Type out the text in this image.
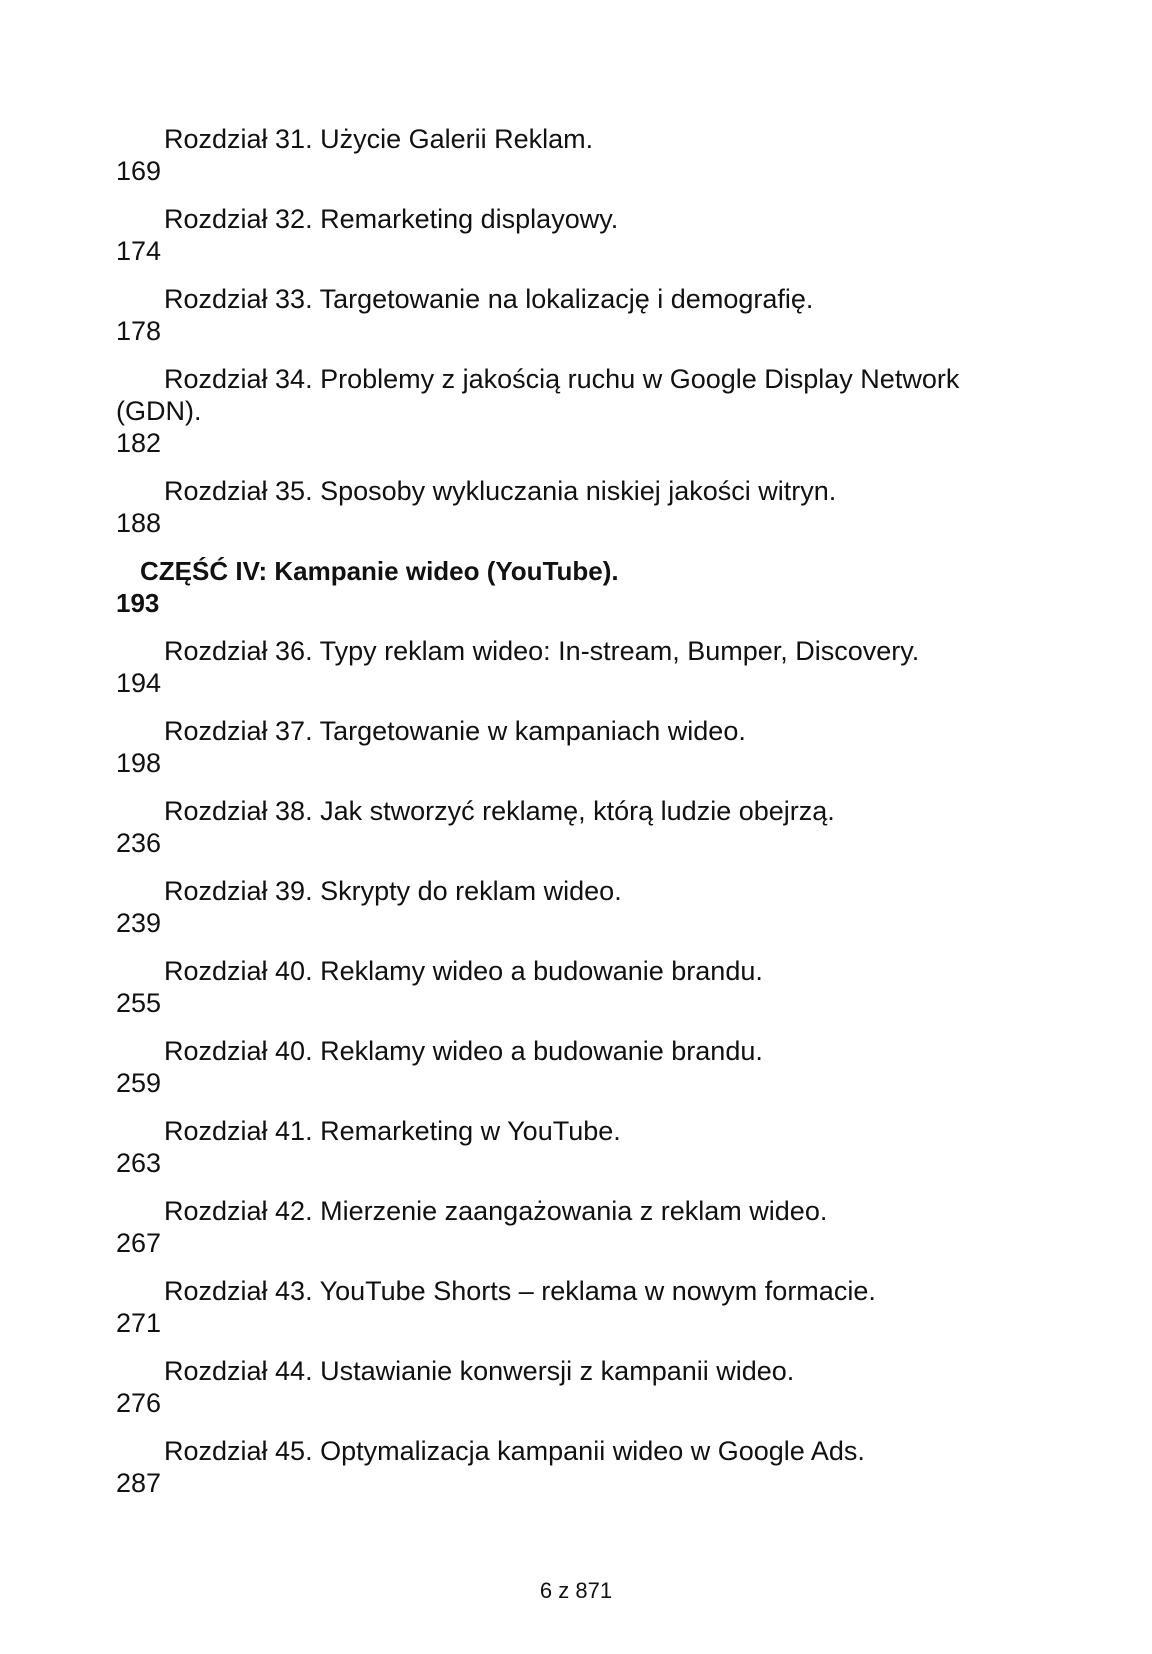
Rozdział 31. Użycie Galerii Reklam.
169
Rozdział 32. Remarketing displayowy.
174
Rozdział 33. Targetowanie na lokalizację i demografię.
178
Rozdział 34. Problemy z jakością ruchu w Google Display Network (GDN).
182
Rozdział 35. Sposoby wykluczania niskiej jakości witryn.
188
CZĘŚĆ IV: Kampanie wideo (YouTube).
193
Rozdział 36. Typy reklam wideo: In-stream, Bumper, Discovery.
194
Rozdział 37. Targetowanie w kampaniach wideo.
198
Rozdział 38. Jak stworzyć reklamę, którą ludzie obejrzą.
236
Rozdział 39. Skrypty do reklam wideo.
239
Rozdział 40. Reklamy wideo a budowanie brandu.
255
Rozdział 40. Reklamy wideo a budowanie brandu.
259
Rozdział 41. Remarketing w YouTube.
263
Rozdział 42. Mierzenie zaangażowania z reklam wideo.
267
Rozdział 43. YouTube Shorts – reklama w nowym formacie.
271
Rozdział 44. Ustawianie konwersji z kampanii wideo.
276
Rozdział 45. Optymalizacja kampanii wideo w Google Ads.
287
6 z 871
